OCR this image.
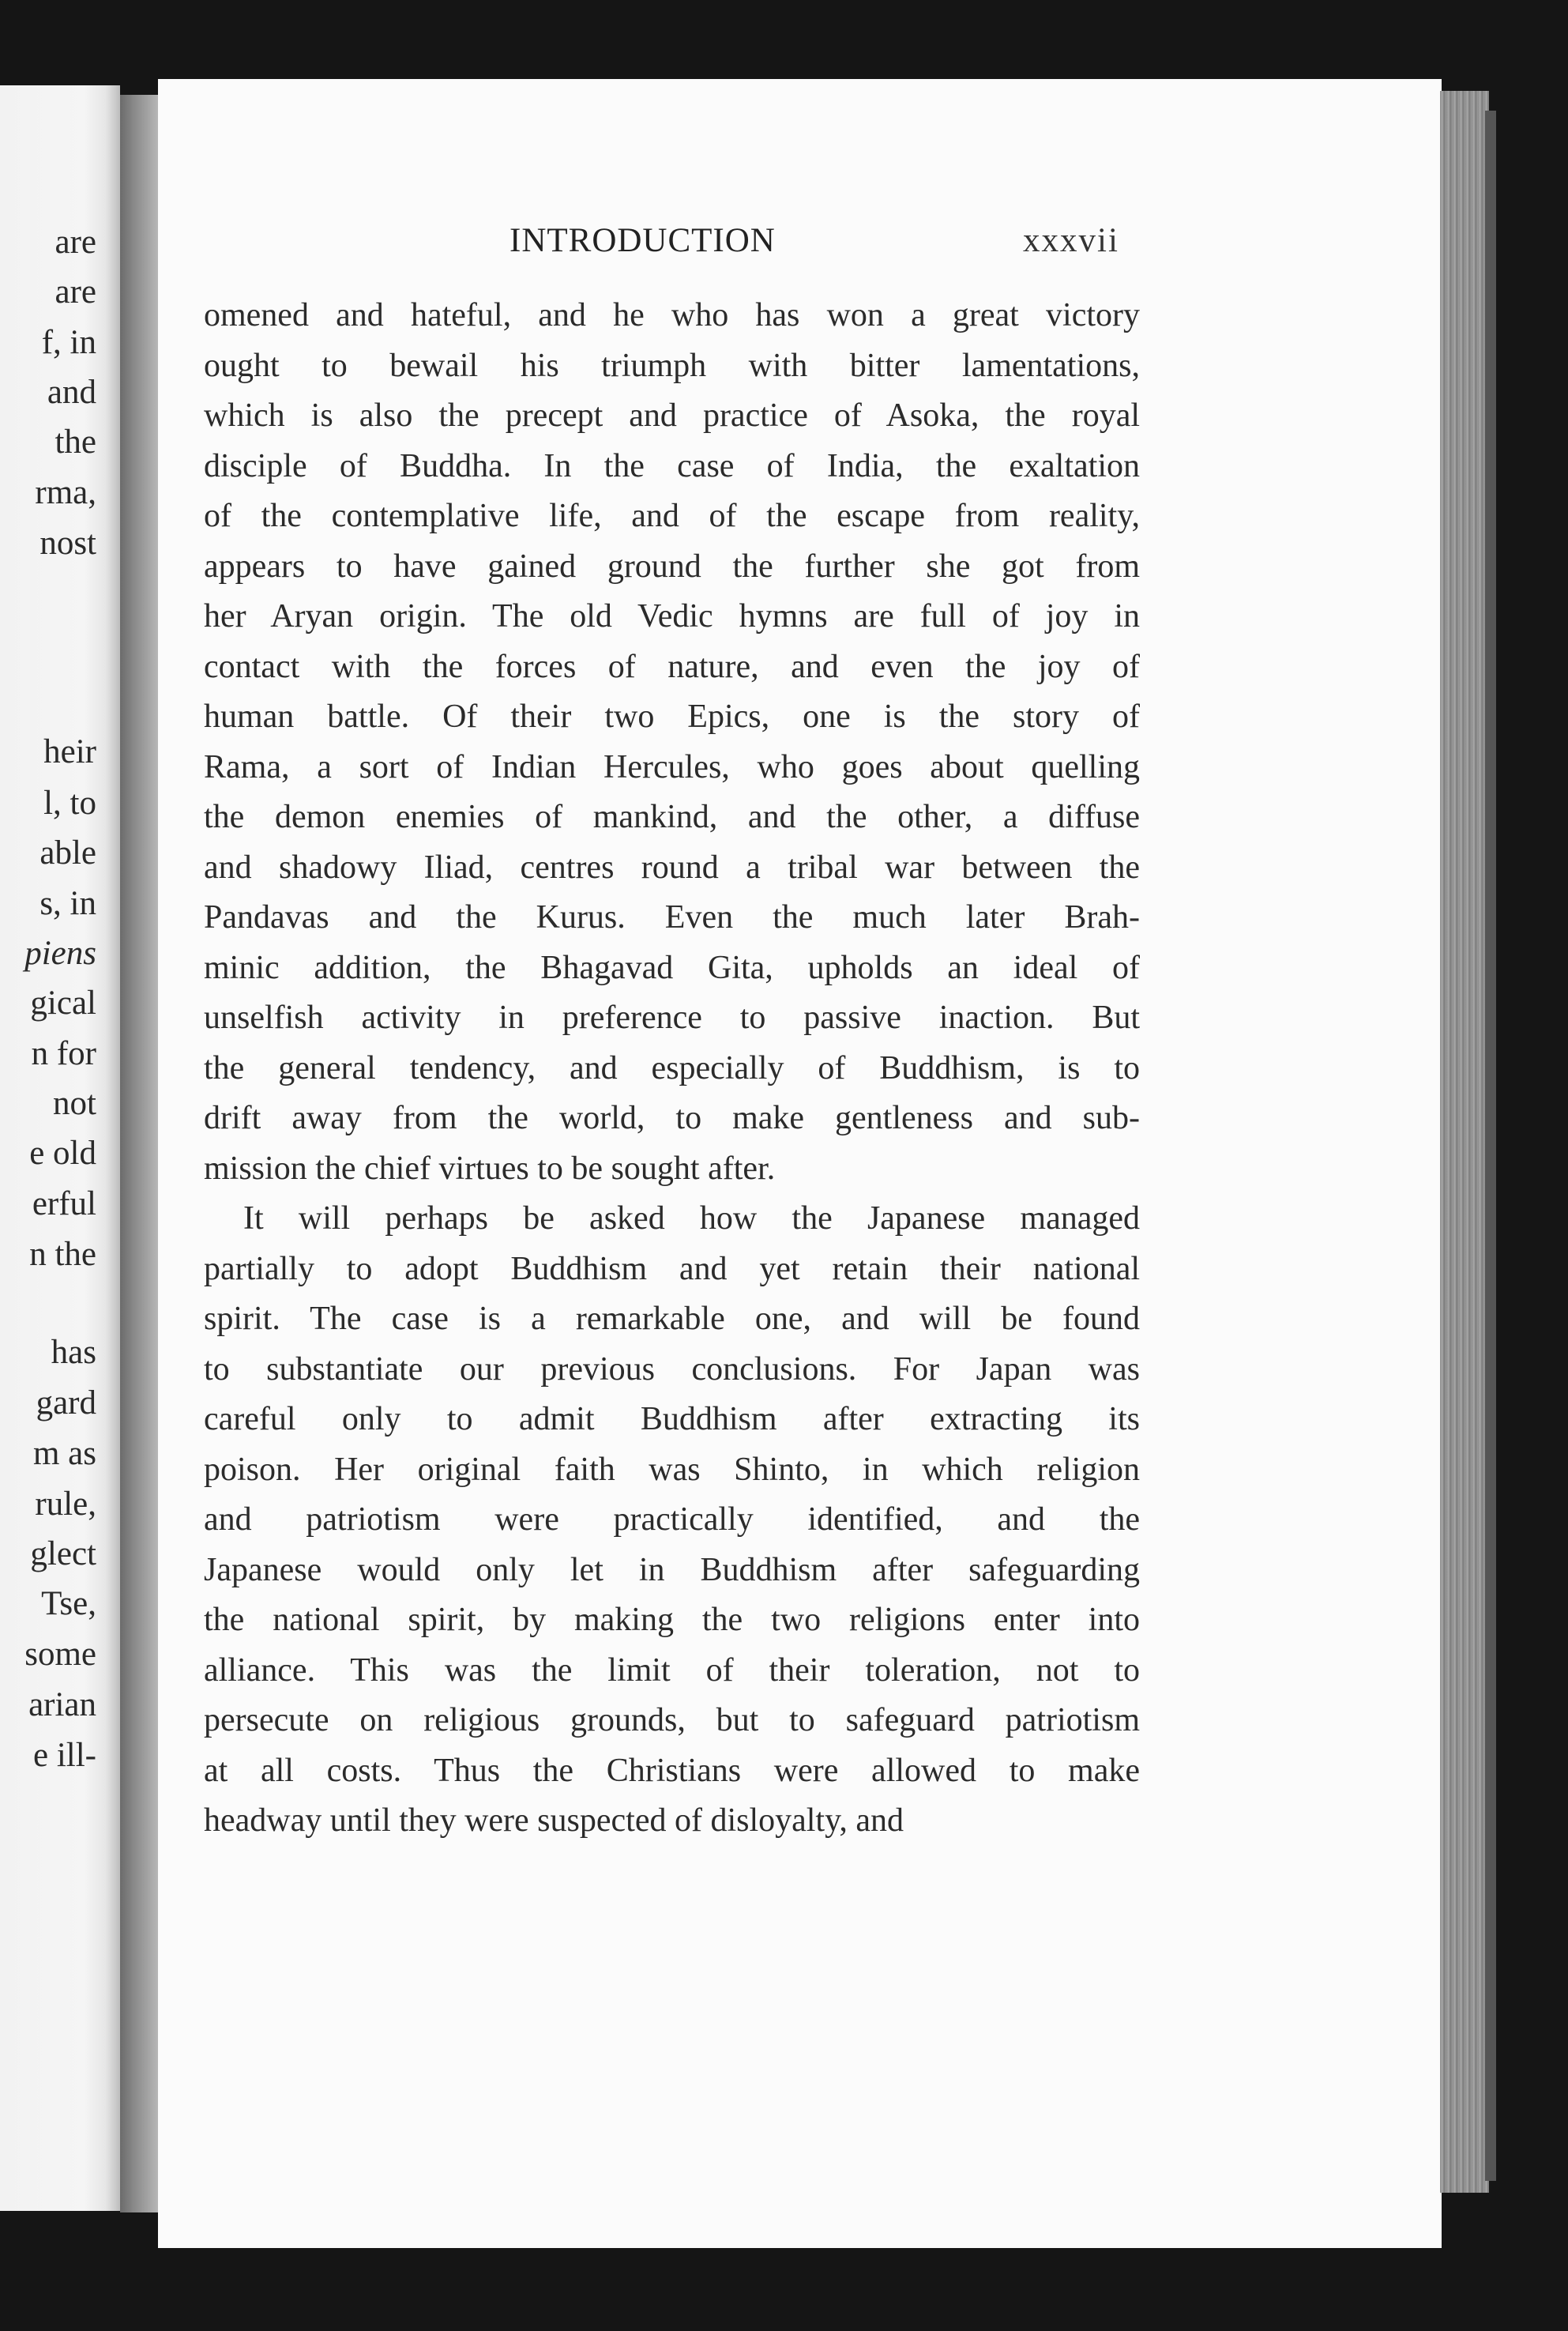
are
are
f, in
and
the
rma,
nost
heir
l, to
able
s, in
piens
gical
n for
not
e old
erful
n the
has
gard
m as
rule,
glect
Tse,
some
arian
e ill-
INTRODUCTION	xxxvii
omened and hateful, and he who has won a great victory
ought to bewail his triumph with bitter lamentations,
which is also the precept and practice of Asoka, the royal
disciple of Buddha. In the case of India, the exaltation
of the contemplative life, and of the escape from reality,
appears to have gained ground the further she got from
her Aryan origin. The old Vedic hymns are full of joy in
contact with the forces of nature, and even the joy of
human battle. Of their two Epics, one is the story of
Rama, a sort of Indian Hercules, who goes about quelling
the demon enemies of mankind, and the other, a diffuse
and shadowy Iliad, centres round a tribal war between the
Pandavas and the Kurus. Even the much later Brah-
minic addition, the Bhagavad Gita, upholds an ideal of
unselfish activity in preference to passive inaction. But
the general tendency, and especially of Buddhism, is to
drift away from the world, to make gentleness and sub-
mission the chief virtues to be sought after.
It will perhaps be asked how the Japanese managed
partially to adopt Buddhism and yet retain their national
spirit. The case is a remarkable one, and will be found
to substantiate our previous conclusions. For Japan was
careful only to admit Buddhism after extracting its
poison. Her original faith was Shinto, in which religion
and patriotism were practically identified, and the
Japanese would only let in Buddhism after safeguarding
the national spirit, by making the two religions enter into
alliance. This was the limit of their toleration, not to
persecute on religious grounds, but to safeguard patriotism
at all costs. Thus the Christians were allowed to make
headway until they were suspected of disloyalty, and
